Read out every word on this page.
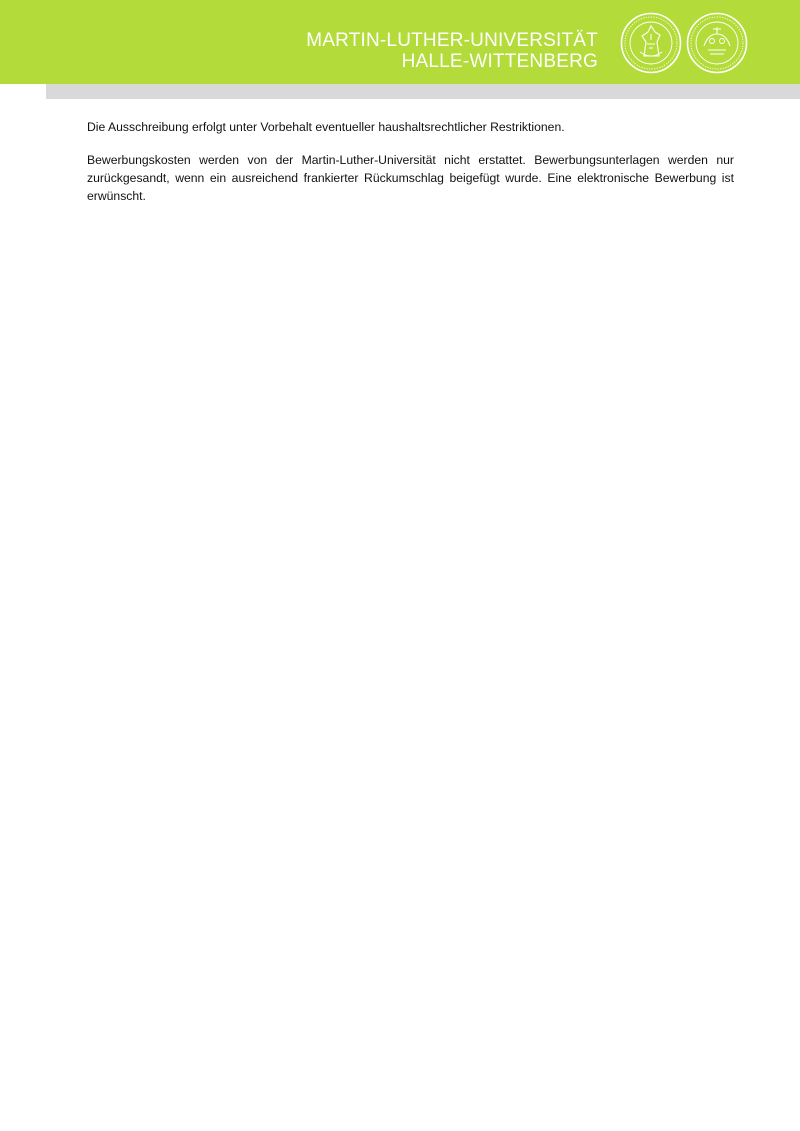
MARTIN-LUTHER-UNIVERSITÄT
HALLE-WITTENBERG

Die Ausschreibung erfolgt unter Vorbehalt eventueller haushaltsrechtlicher Restriktionen.

Bewerbungskosten werden von der Martin-Luther-Universität nicht erstattet. Bewerbungsunterlagen werden nur zurückgesandt, wenn ein ausreichend frankierter Rückumschlag beigefügt wurde. Eine elektronische Bewerbung ist erwünscht.
